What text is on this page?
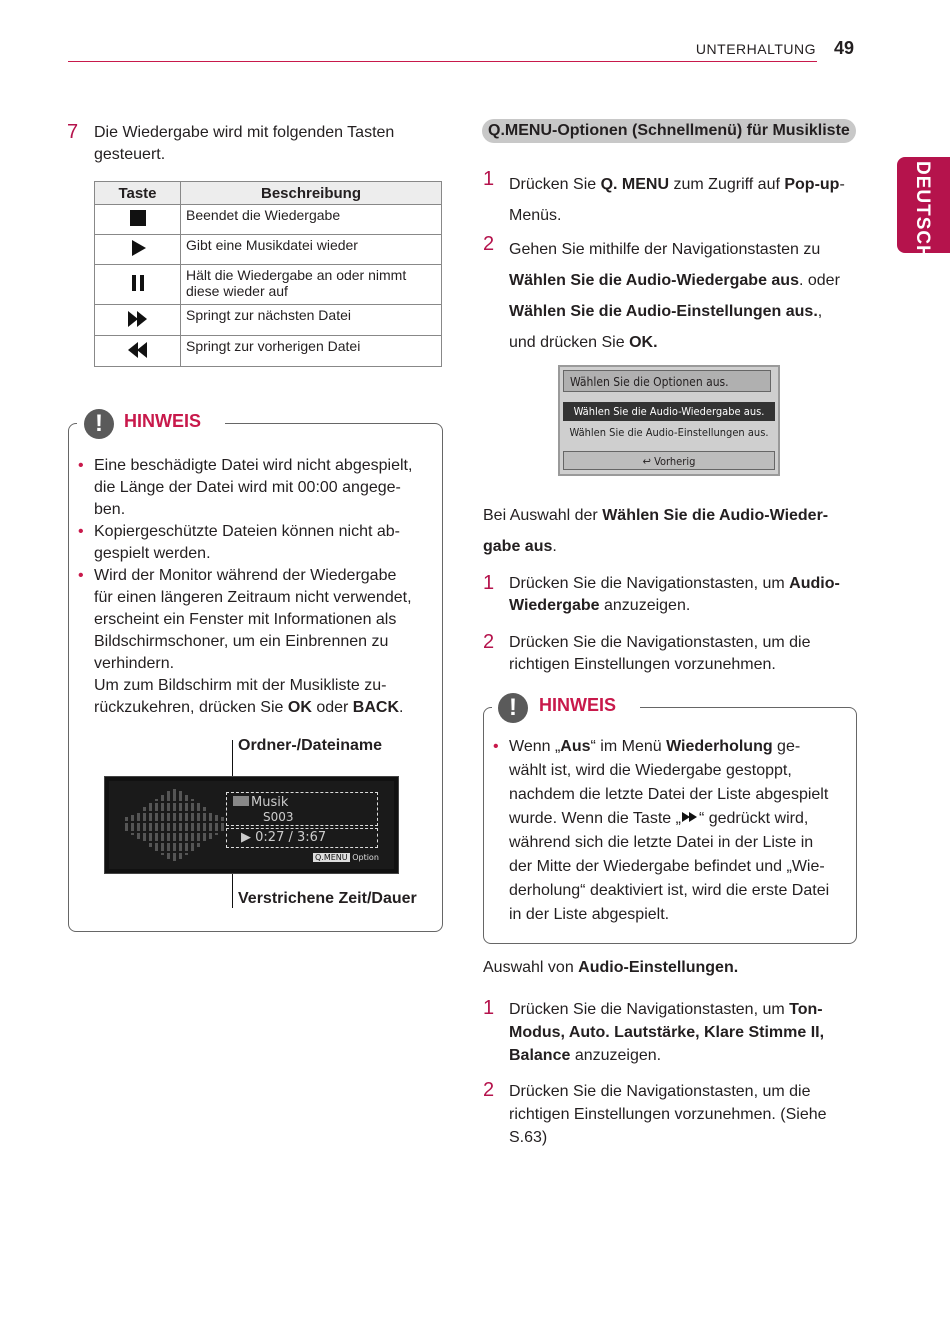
UNTERHALTUNG 49
DEUTSCH
7 Die Wiedergabe wird mit folgenden Tasten
gesteuert.
Taste	Beschreibung
	Beendet die Wiedergabe
	Gibt eine Musikdatei wieder
	Hält die Wiedergabe an oder nimmt diese wieder auf
	Springt zur nächsten Datei
	Springt zur vorherigen Datei
!	HINWEIS
• Eine beschädigte Datei wird nicht abgespielt,
die Länge der Datei wird mit 00:00 angege-
ben.
• Kopiergeschützte Dateien können nicht ab-
gespielt werden.
• Wird der Monitor während der Wiedergabe
für einen längeren Zeitraum nicht verwendet,
erscheint ein Fenster mit Informationen als
Bildschirmschoner, um ein Einbrennen zu
verhindern.
Um zum Bildschirm mit der Musikliste zu-
rückzukehren, drücken Sie OK oder BACK.
Ordner-/Dateiname
Verstrichene Zeit/Dauer
Musik
S003
▶ 0:27 / 3:67
Q.MENU Option
Q.MENU-Optionen (Schnellmenü) für Musikliste
1 Drücken Sie Q. MENU zum Zugriff auf Pop-up-
Menüs.
2 Gehen Sie mithilfe der Navigationstasten zu
Wählen Sie die Audio-Wiedergabe aus. oder
Wählen Sie die Audio-Einstellungen aus.,
und drücken Sie OK.
Wählen Sie die Optionen aus.
Wählen Sie die Audio-Wiedergabe aus.
Wählen Sie die Audio-Einstellungen aus.
↩ Vorherig
Bei Auswahl der Wählen Sie die Audio-Wieder-
gabe aus.
1 Drücken Sie die Navigationstasten, um Audio-
Wiedergabe anzuzeigen.
2 Drücken Sie die Navigationstasten, um die
richtigen Einstellungen vorzunehmen.
!	HINWEIS
• Wenn „Aus“ im Menü Wiederholung ge-
wählt ist, wird die Wiedergabe gestoppt,
nachdem die letzte Datei der Liste abgespielt
wurde. Wenn die Taste „ “ gedrückt wird,
während sich die letzte Datei in der Liste in
der Mitte der Wiedergabe befindet und „Wie-
derholung“ deaktiviert ist, wird die erste Datei
in der Liste abgespielt.
Auswahl von Audio-Einstellungen.
1 Drücken Sie die Navigationstasten, um Ton-
Modus, Auto. Lautstärke, Klare Stimme II,
Balance anzuzeigen.
2 Drücken Sie die Navigationstasten, um die
richtigen Einstellungen vorzunehmen. (Siehe
S.63)
